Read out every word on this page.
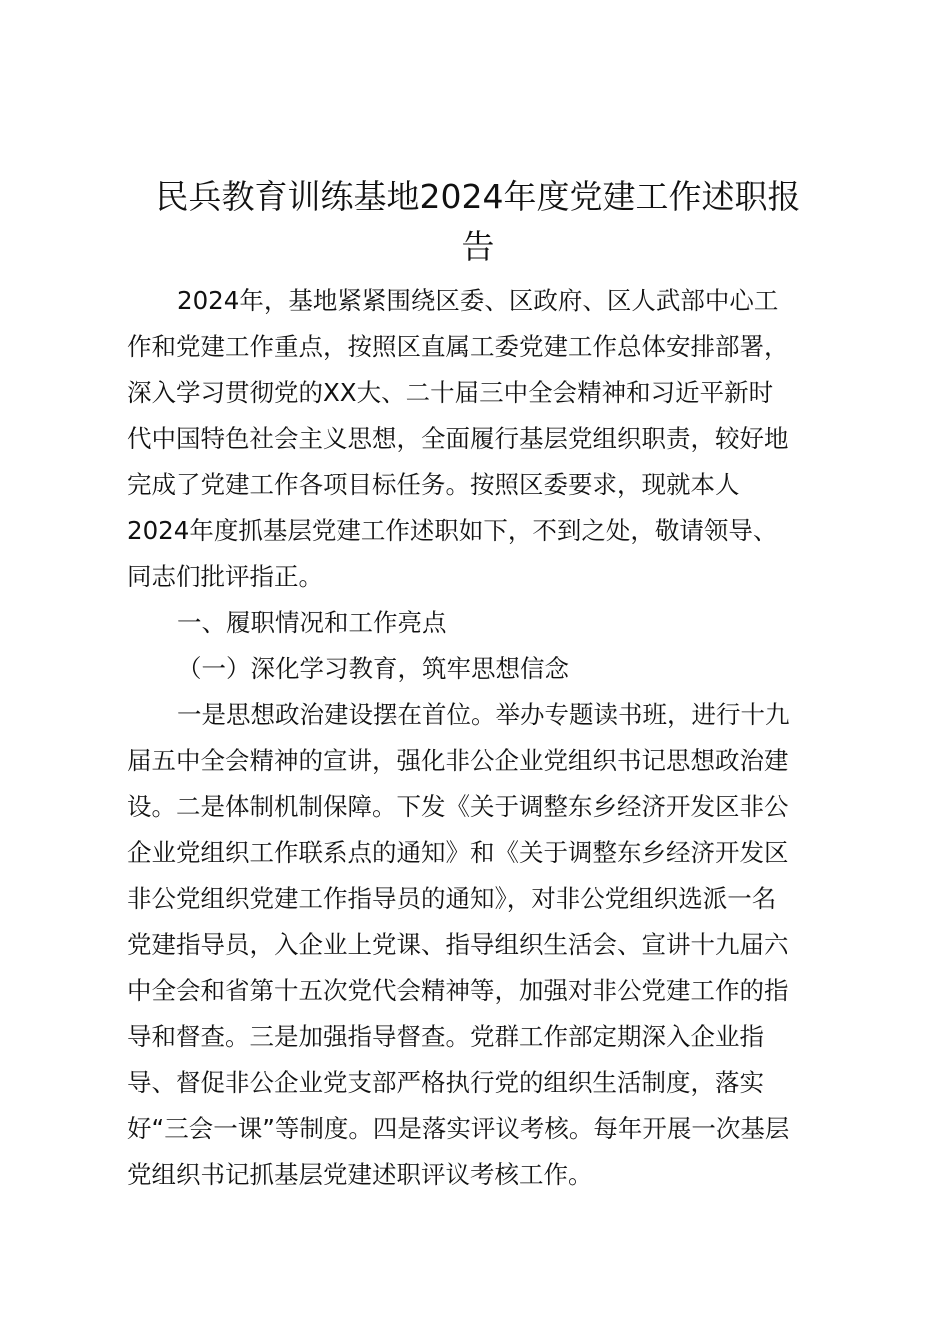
民兵教育训练基地2024年度党建工作述职报
告
2024年，基地紧紧围绕区委、区政府、区人武部中心工
作和党建工作重点，按照区直属工委党建工作总体安排部署，
深入学习贯彻党的XX大、二十届三中全会精神和习近平新时
代中国特色社会主义思想，全面履行基层党组织职责，较好地
完成了党建工作各项目标任务。按照区委要求，现就本人
2024年度抓基层党建工作述职如下，不到之处，敬请领导、
同志们批评指正。
一、履职情况和工作亮点
（一）深化学习教育，筑牢思想信念
一是思想政治建设摆在首位。举办专题读书班，进行十九
届五中全会精神的宣讲，强化非公企业党组织书记思想政治建
设。二是体制机制保障。下发《关于调整东乡经济开发区非公
企业党组织工作联系点的通知》和《关于调整东乡经济开发区
非公党组织党建工作指导员的通知》，对非公党组织选派一名
党建指导员，入企业上党课、指导组织生活会、宣讲十九届六
中全会和省第十五次党代会精神等，加强对非公党建工作的指
导和督查。三是加强指导督查。党群工作部定期深入企业指
导、督促非公企业党支部严格执行党的组织生活制度，落实
好“三会一课”等制度。四是落实评议考核。每年开展一次基层
党组织书记抓基层党建述职评议考核工作。
